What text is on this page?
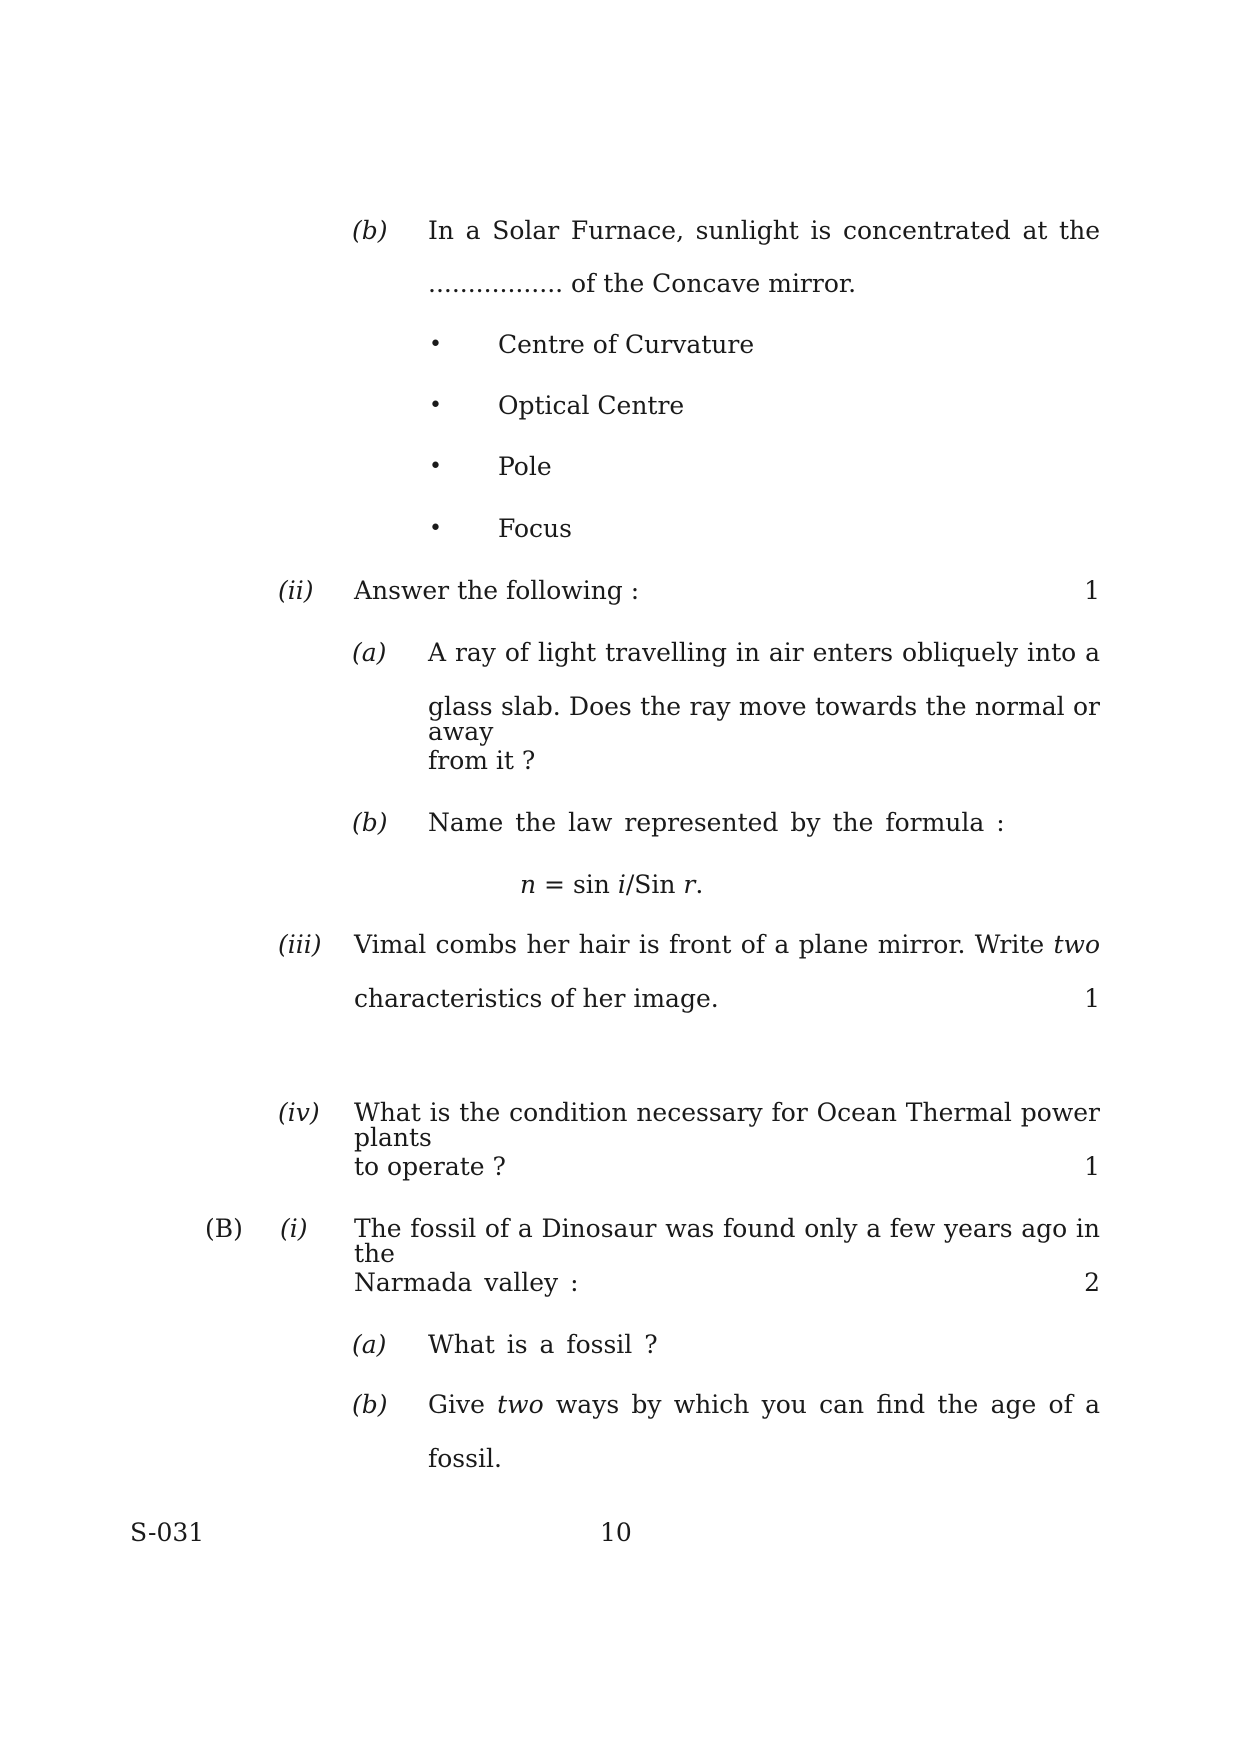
(b) In a Solar Furnace, sunlight is concentrated at the
................. of the Concave mirror.
• Centre of Curvature
• Optical Centre
• Pole
• Focus
(ii) Answer the following :	1
(a) A ray of light travelling in air enters obliquely into a
glass slab. Does the ray move towards the normal or away
from it ?
(b) Name the law represented by the formula :
n = sin i/Sin r.
(iii) Vimal combs her hair is front of a plane mirror. Write two
characteristics of her image.	1
(iv) What is the condition necessary for Ocean Thermal power plants
to operate ?	1
(B) (i) The fossil of a Dinosaur was found only a few years ago in the
Narmada valley :	2
(a) What is a fossil ?
(b) Give two ways by which you can find the age of a
fossil.
S-031	10
